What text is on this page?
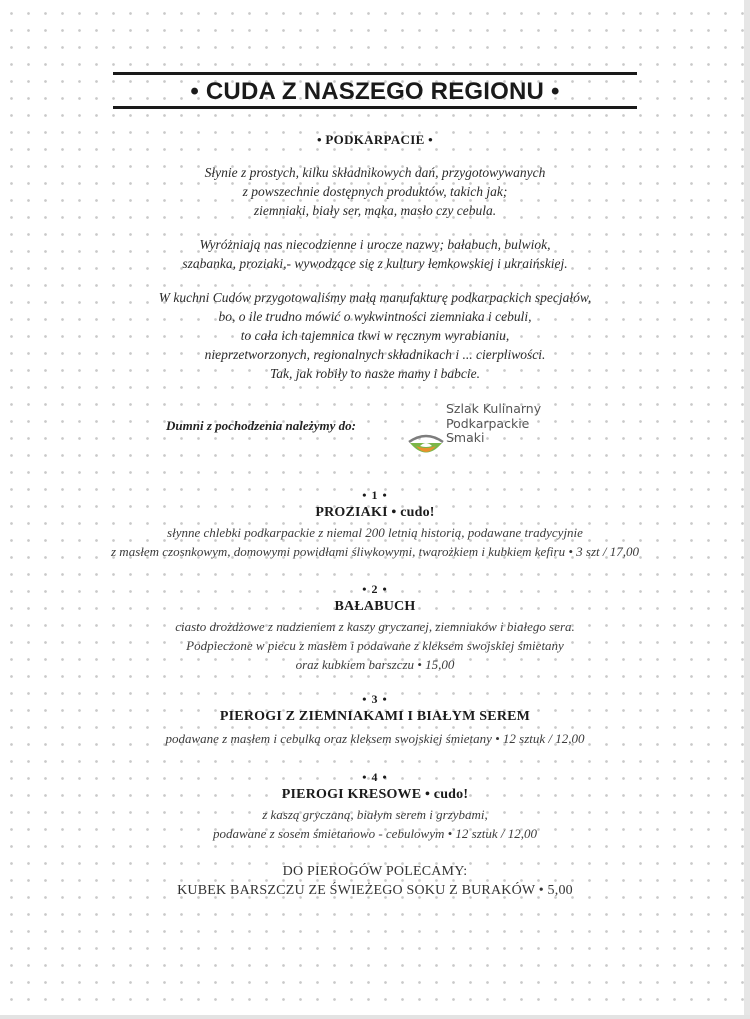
• CUDA Z NASZEGO REGIONU •
• PODKARPACIE •
Słynie z prostych, kilku składnikowych dań, przygotowywanych
z powszechnie dostępnych produktów, takich jak;
ziemniaki, biały ser, mąka, masło czy cebula.
Wyróżniają nas niecodzienne i urocze nazwy; bałabuch, bulwiok,
szabanka, proziaki,- wywodzące się z kultury łemkowskiej i ukraińskiej.
W kuchni Cudów przygotowaliśmy małą manufakturę podkarpackich specjałów,
bo, o ile trudno mówić o wykwintności ziemniaka i cebuli,
to cała ich tajemnica tkwi w ręcznym wyrabianiu,
nieprzetworzonych, regionalnych składnikach i ... cierpliwości.
Tak, jak robiły to nasze mamy i babcie.
Dumni z pochodzenia należymy do:
Szlak Kulinarny
Podkarpackie
Smaki
• 1 •
PROZIAKI • cudo!
słynne chlebki podkarpackie z niemal 200 letnią historią, podawane tradycyjnie
z masłem czosnkowym, domowymi powidłami śliwkowymi, twarożkiem i kubkiem kefiru • 3 szt / 17,00
• 2 •
BAŁABUCH
ciasto drożdżowe z nadzieniem z kaszy gryczanej, ziemniaków i białego sera.
Podpieczone w piecu z masłem i podawane z kleksem swojskiej śmietany
oraz kubkiem barszczu • 15,00
• 3 •
PIEROGI Z ZIEMNIAKAMI I BIAŁYM SEREM
podawane z masłem i cebulką oraz kleksem swojskiej śmietany • 12 sztuk / 12,00
• 4 •
PIEROGI KRESOWE • cudo!
z kaszą gryczaną, białym serem i grzybami,
podawane z sosem śmietanowo - cebulowym • 12 sztuk / 12,00
DO PIEROGÓW POLECAMY:
KUBEK BARSZCZU ZE ŚWIEŻEGO SOKU Z BURAKÓW • 5,00
